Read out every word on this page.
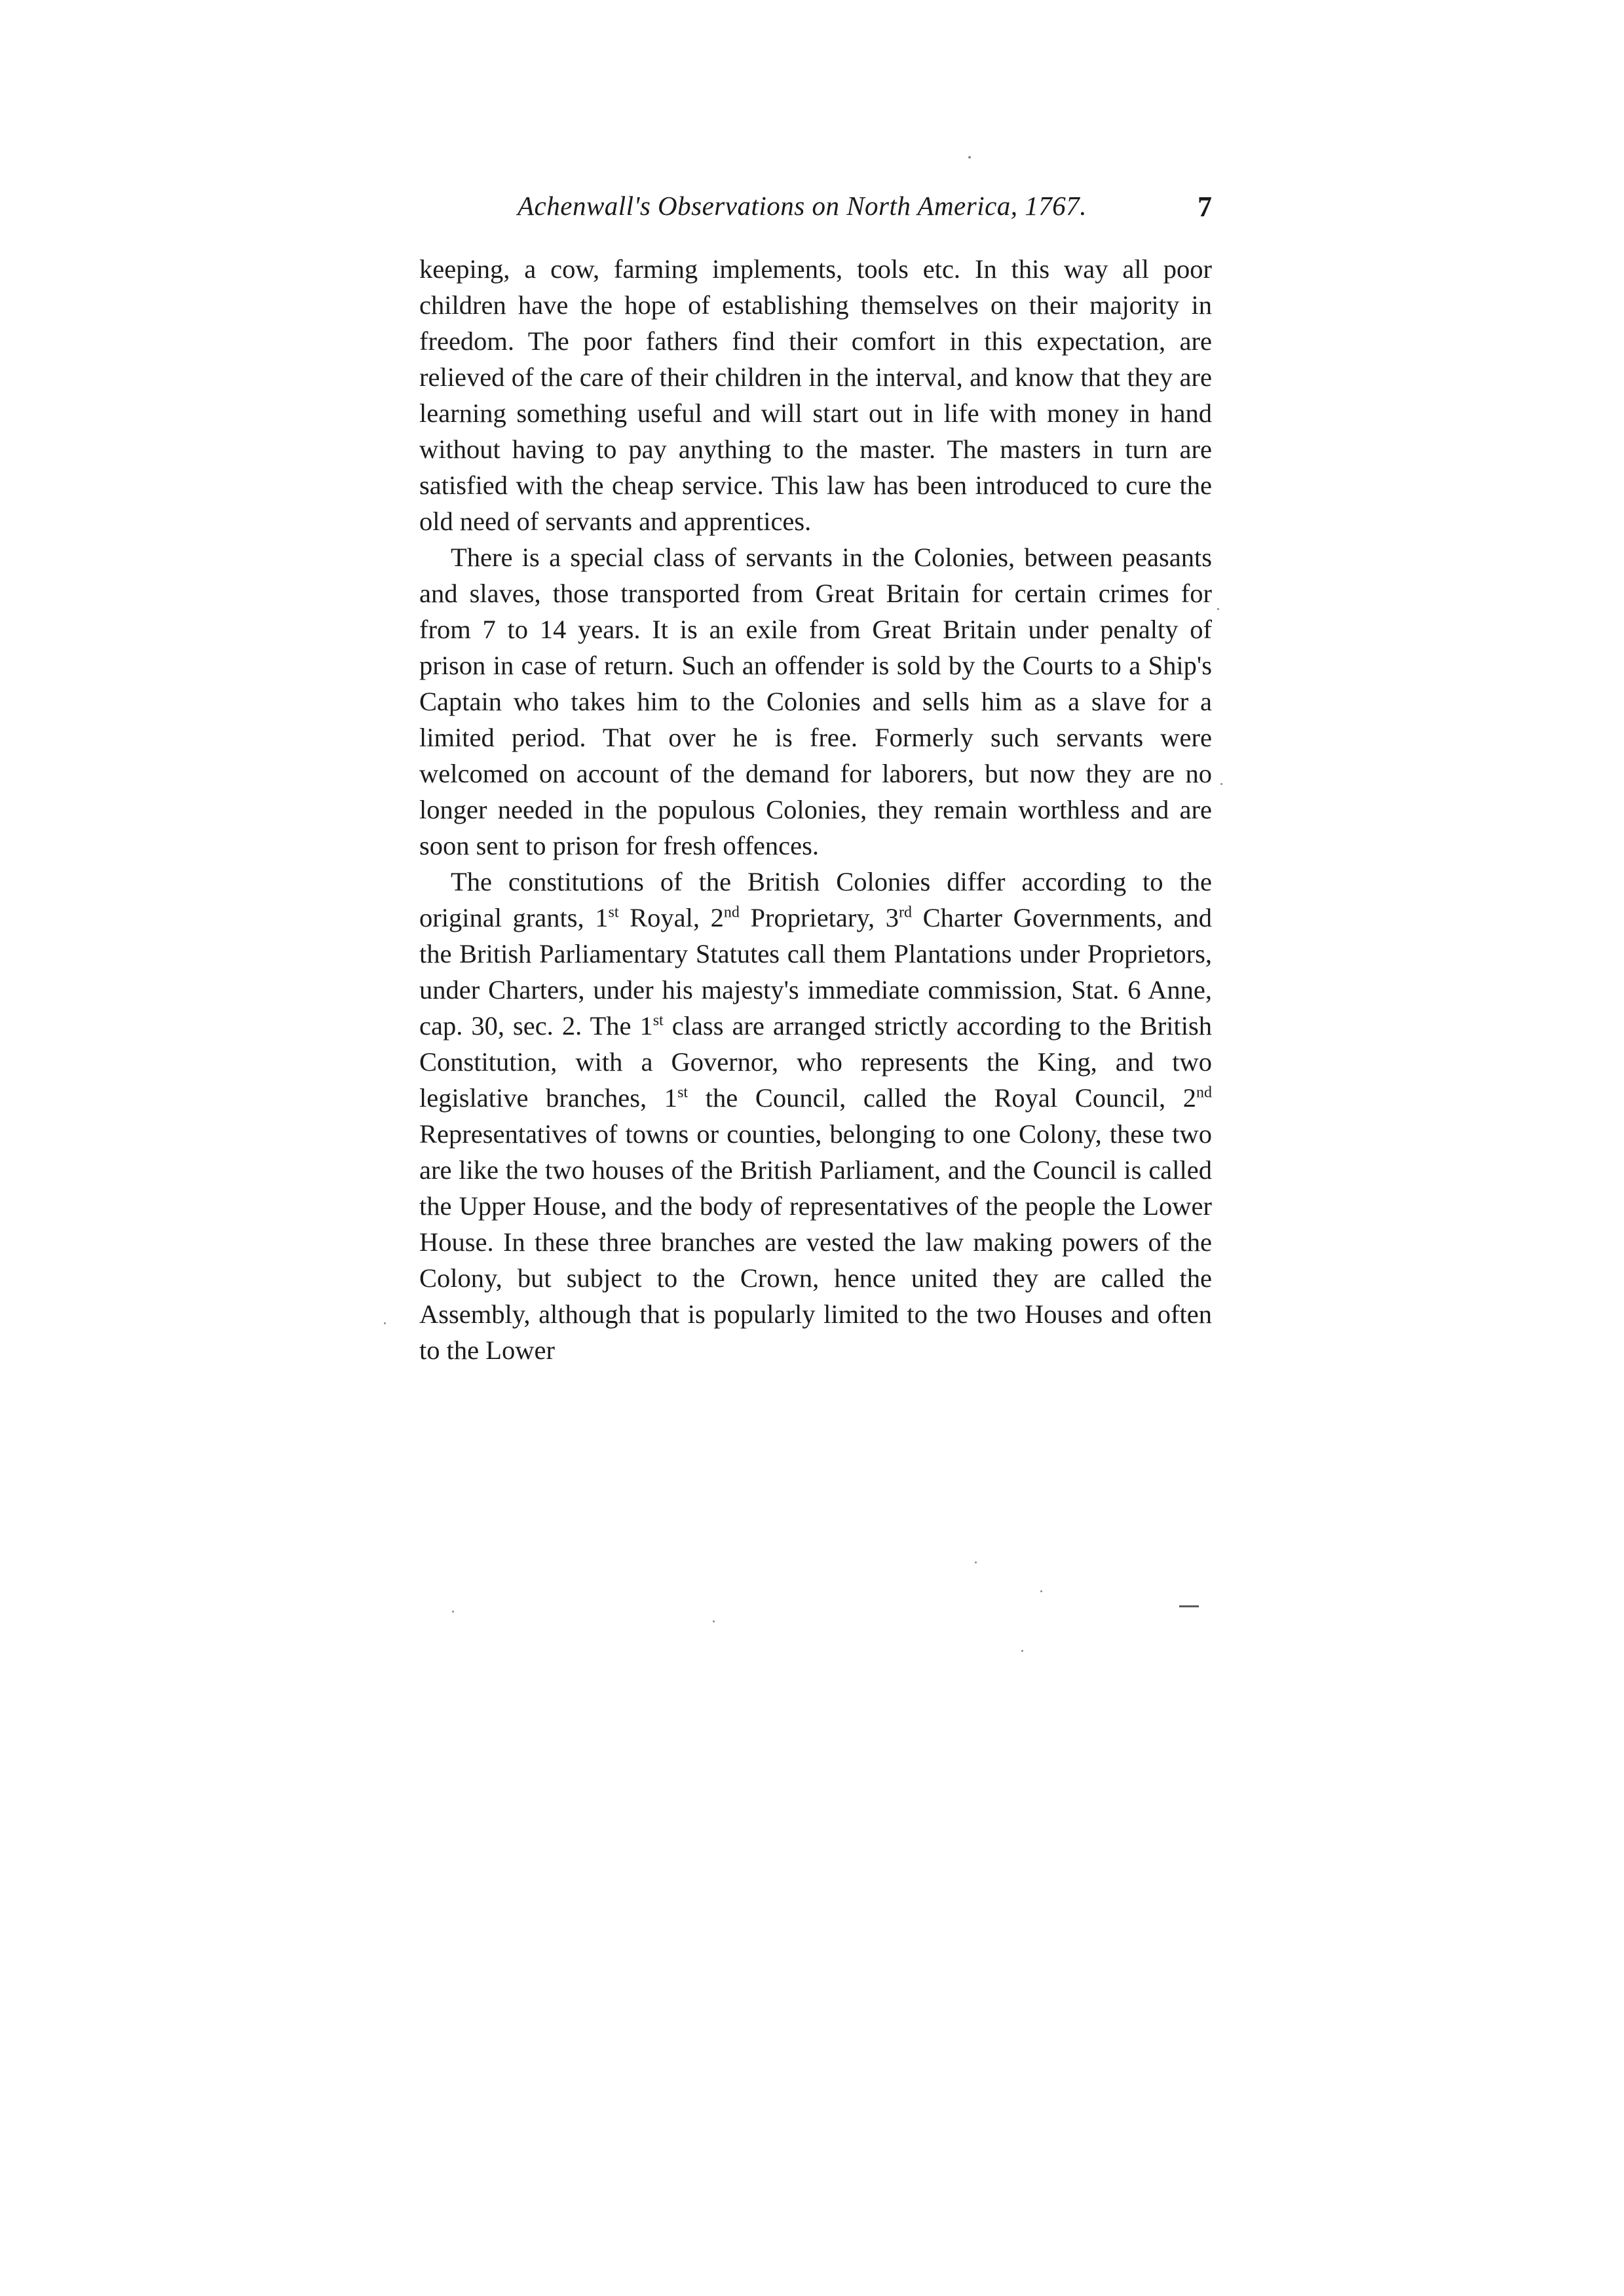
Achenwall's Observations on North America, 1767.	7

keeping, a cow, farming implements, tools etc. In this way all poor children have the hope of establishing themselves on their majority in freedom. The poor fathers find their comfort in this expectation, are relieved of the care of their children in the interval, and know that they are learning something useful and will start out in life with money in hand without having to pay anything to the master. The masters in turn are satisfied with the cheap service. This law has been introduced to cure the old need of servants and apprentices.

There is a special class of servants in the Colonies, between peasants and slaves, those transported from Great Britain for certain crimes for from 7 to 14 years. It is an exile from Great Britain under penalty of prison in case of return. Such an offender is sold by the Courts to a Ship's Captain who takes him to the Colonies and sells him as a slave for a limited period. That over he is free. Formerly such servants were welcomed on account of the demand for laborers, but now they are no longer needed in the populous Colonies, they remain worthless and are soon sent to prison for fresh offences.

The constitutions of the British Colonies differ according to the original grants, 1st Royal, 2nd Proprietary, 3rd Charter Governments, and the British Parliamentary Statutes call them Plantations under Proprietors, under Charters, under his majesty's immediate commission, Stat. 6 Anne, cap. 30, sec. 2. The 1st class are arranged strictly according to the British Constitution, with a Governor, who represents the King, and two legislative branches, 1st the Council, called the Royal Council, 2nd Representatives of towns or counties, belonging to one Colony, these two are like the two houses of the British Parliament, and the Council is called the Upper House, and the body of representatives of the people the Lower House. In these three branches are vested the law making powers of the Colony, but subject to the Crown, hence united they are called the Assembly, although that is popularly limited to the two Houses and often to the Lower
